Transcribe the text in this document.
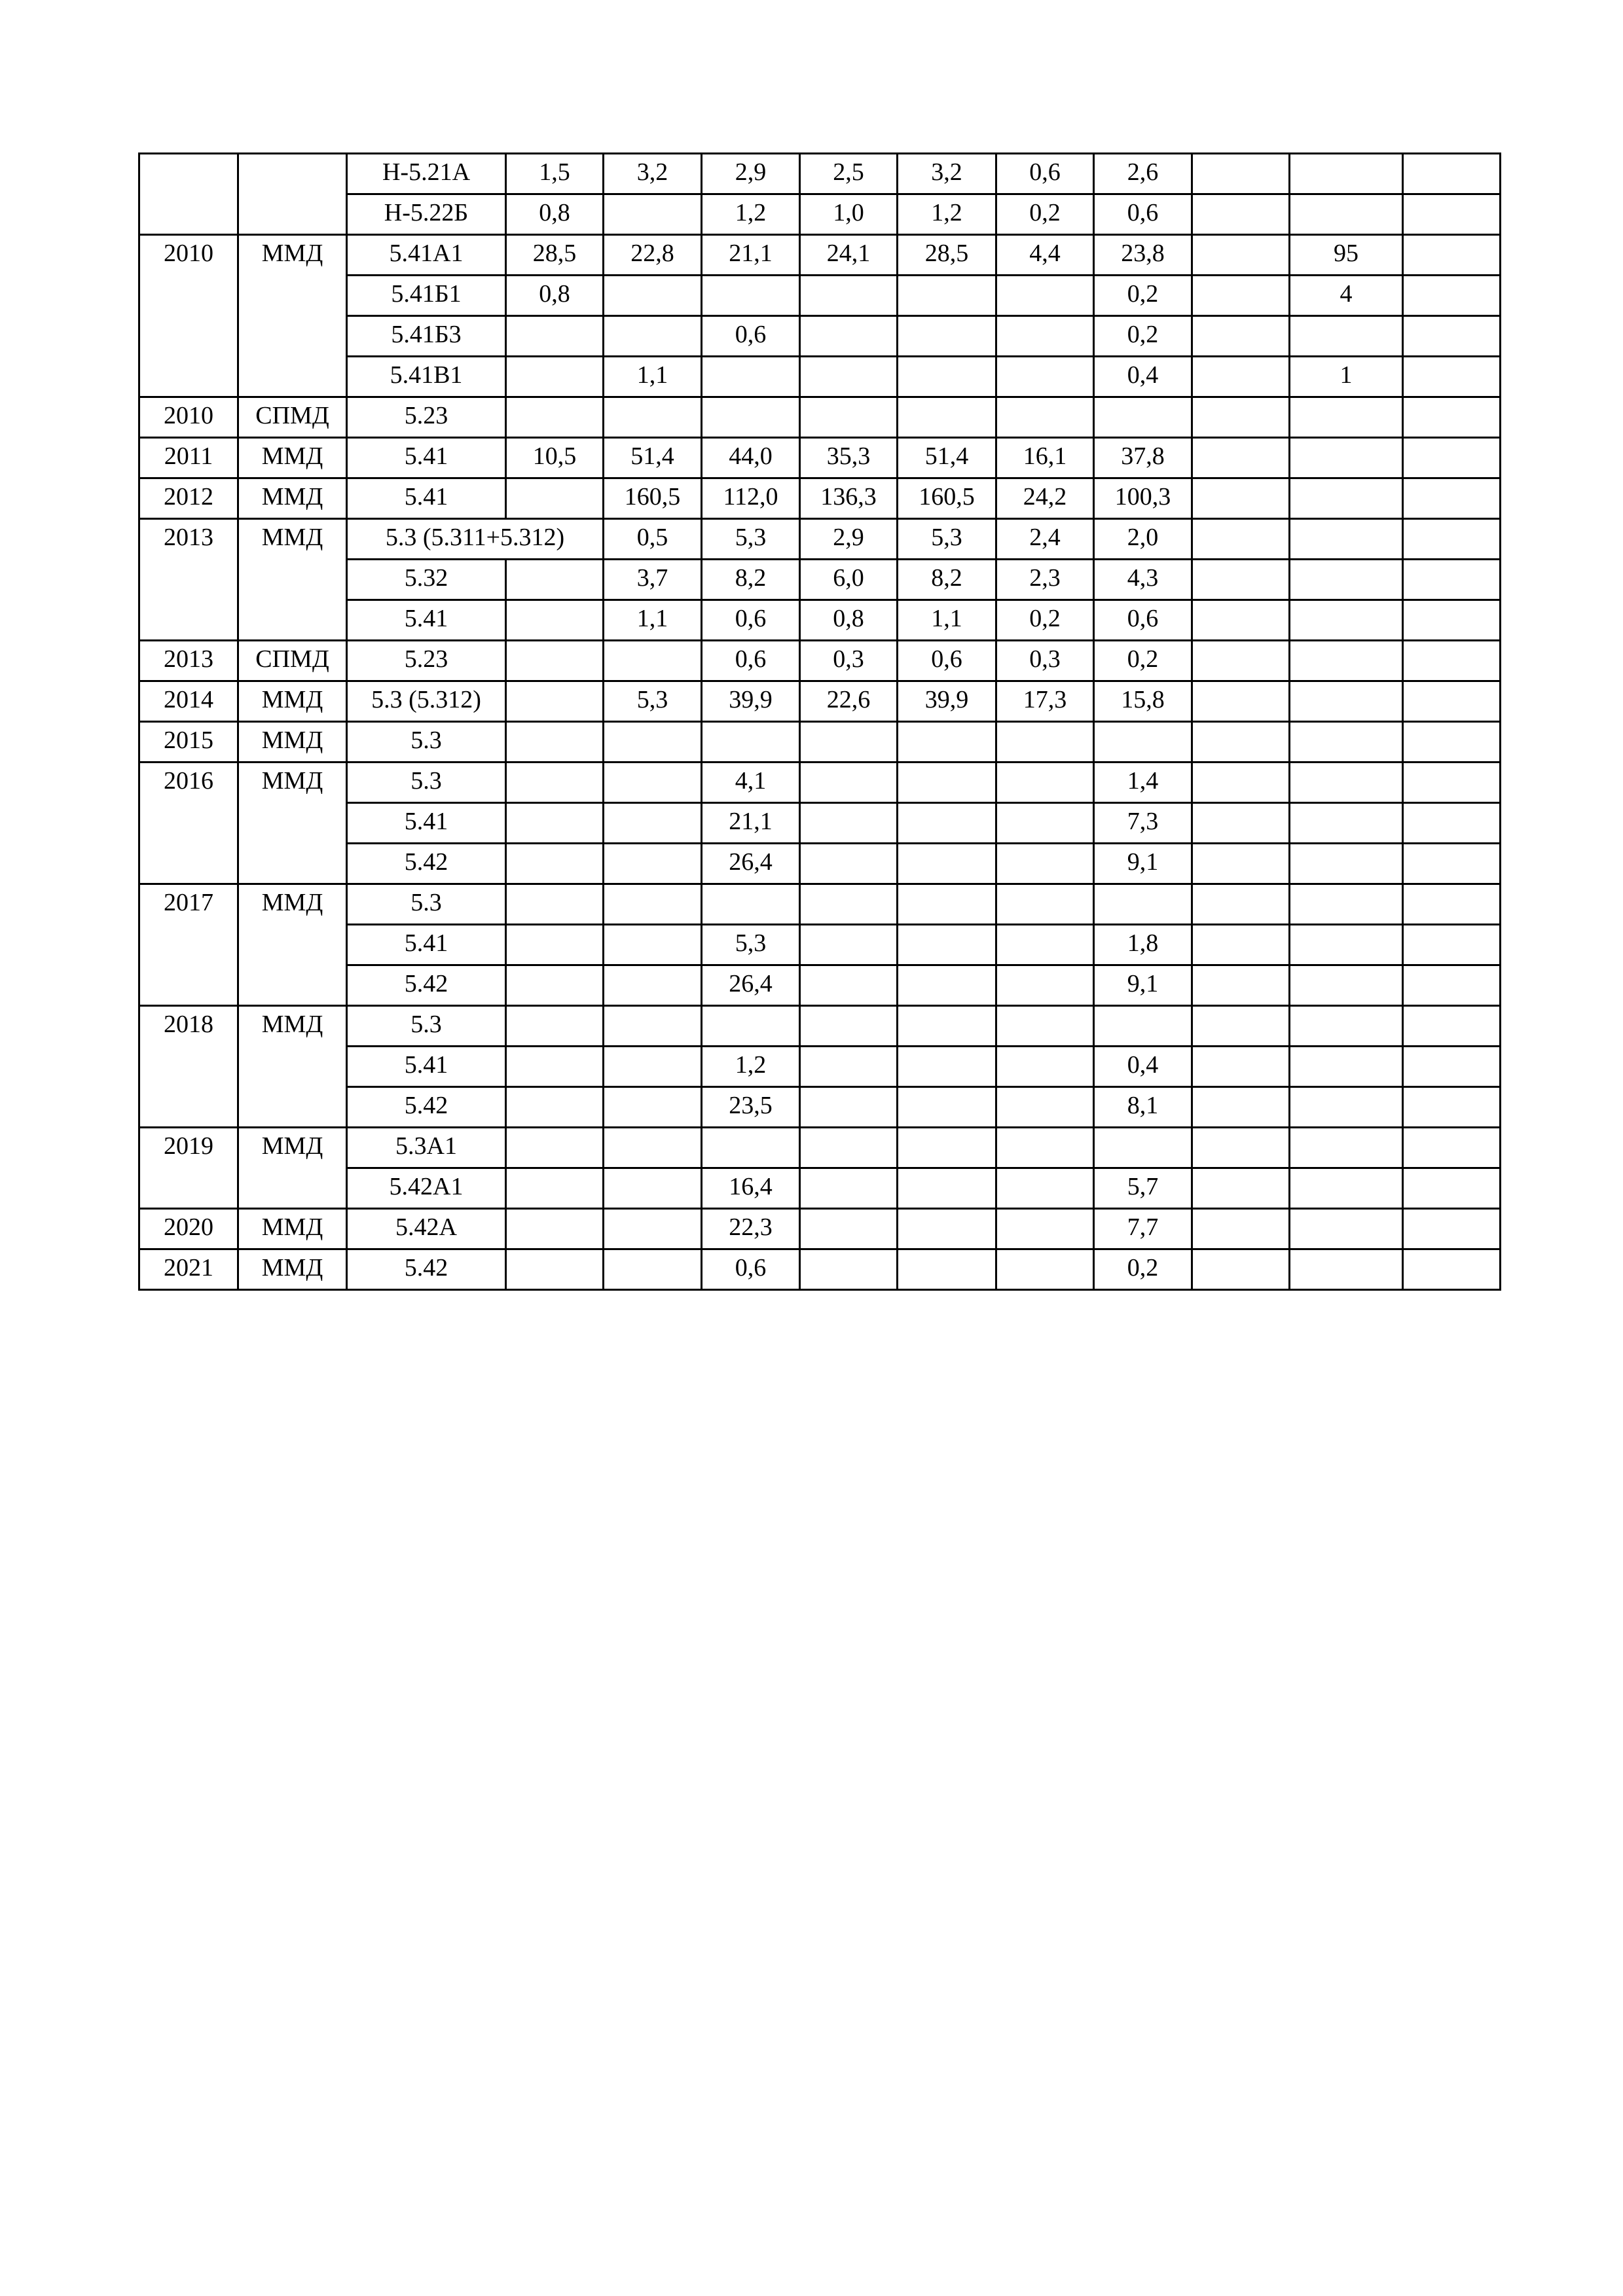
		Н-5.21А	1,5	3,2	2,9	2,5	3,2	0,6	2,6			
		Н-5.22Б	0,8		1,2	1,0	1,2	0,2	0,6			
2010	ММД	5.41А1	28,5	22,8	21,1	24,1	28,5	4,4	23,8		95	
		5.41Б1	0,8						0,2		4	
		5.41Б3			0,6				0,2			
		5.41В1		1,1					0,4		1	
2010	СПМД	5.23										
2011	ММД	5.41	10,5	51,4	44,0	35,3	51,4	16,1	37,8			
2012	ММД	5.41		160,5	112,0	136,3	160,5	24,2	100,3			
2013	ММД	5.3 (5.311+5.312)		0,5	5,3	2,9	5,3	2,4	2,0			
		5.32		3,7	8,2	6,0	8,2	2,3	4,3			
		5.41		1,1	0,6	0,8	1,1	0,2	0,6			
2013	СПМД	5.23			0,6	0,3	0,6	0,3	0,2			
2014	ММД	5.3 (5.312)		5,3	39,9	22,6	39,9	17,3	15,8			
2015	ММД	5.3										
2016	ММД	5.3			4,1				1,4			
		5.41			21,1				7,3			
		5.42			26,4				9,1			
2017	ММД	5.3										
		5.41			5,3				1,8			
		5.42			26,4				9,1			
2018	ММД	5.3										
		5.41			1,2				0,4			
		5.42			23,5				8,1			
2019	ММД	5.3А1										
		5.42А1			16,4				5,7			
2020	ММД	5.42А			22,3				7,7			
2021	ММД	5.42			0,6				0,2			
